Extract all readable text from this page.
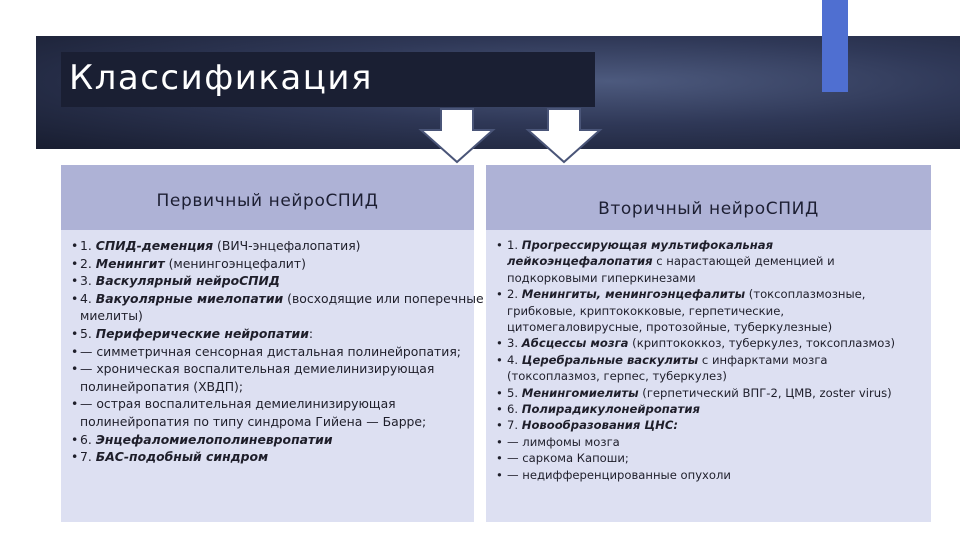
Классификация
Первичный нейроСПИД
• 1. СПИД-деменция (ВИЧ-энцефалопатия)
• 2. Менингит (менингоэнцефалит)
• 3. Васкулярный нейроСПИД
• 4. Вакуолярные миелопатии (восходящие или поперечные миелиты)
• 5. Периферические нейропатии:
• — симметричная сенсорная дистальная полинейропатия;
• — хроническая воспалительная демиелинизирующая полинейропатия (ХВДП);
• — острая воспалительная демиелинизирующая полинейропатия по типу синдрома Гийена — Барре;
• 6. Энцефаломиелополиневропатии
• 7. БАС-подобный синдром
Вторичный нейроСПИД
• 1. Прогрессирующая мультифокальная лейкоэнцефалопатия с нарастающей деменцией и подкорковыми гиперкинезами
• 2. Менингиты, менингоэнцефалиты (токсоплазмозные, грибковые, криптококковые, герпетические, цитомегаловирусные, протозойные, туберкулезные)
• 3. Абсцессы мозга (криптококкоз, туберкулез, токсоплазмоз)
• 4. Церебральные васкулиты с инфарктами мозга (токсоплазмоз, герпес, туберкулез)
• 5. Менингомиелиты (герпетический ВПГ-2, ЦМВ, zoster virus)
• 6. Полирадикулонейропатия
• 7. Новообразования ЦНС:
• — лимфомы мозга
• — саркома Капоши;
• — недифференцированные опухоли
